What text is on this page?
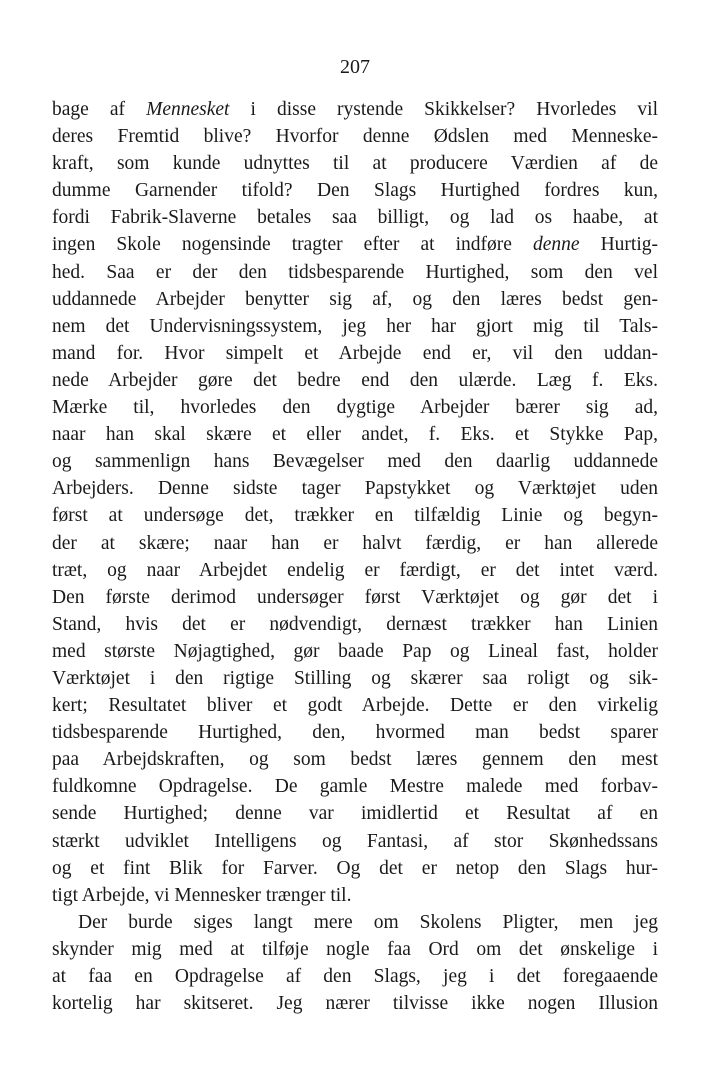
207

bage af Mennesket i disse rystende Skikkelser? Hvorledes vil
deres Fremtid blive? Hvorfor denne Ødslen med Menneske-
kraft, som kunde udnyttes til at producere Værdien af de
dumme Garnender tifold? Den Slags Hurtighed fordres kun,
fordi Fabrik-Slaverne betales saa billigt, og lad os haabe, at
ingen Skole nogensinde tragter efter at indføre denne Hurtig-
hed. Saa er der den tidsbesparende Hurtighed, som den vel
uddannede Arbejder benytter sig af, og den læres bedst gen-
nem det Undervisningssystem, jeg her har gjort mig til Tals-
mand for. Hvor simpelt et Arbejde end er, vil den uddan-
nede Arbejder gøre det bedre end den ulærde. Læg f. Eks.
Mærke til, hvorledes den dygtige Arbejder bærer sig ad,
naar han skal skære et eller andet, f. Eks. et Stykke Pap,
og sammenlign hans Bevægelser med den daarlig uddannede
Arbejders. Denne sidste tager Papstykket og Værktøjet uden
først at undersøge det, trækker en tilfældig Linie og begyn-
der at skære; naar han er halvt færdig, er han allerede
træt, og naar Arbejdet endelig er færdigt, er det intet værd.
Den første derimod undersøger først Værktøjet og gør det i
Stand, hvis det er nødvendigt, dernæst trækker han Linien
med største Nøjagtighed, gør baade Pap og Lineal fast, holder
Værktøjet i den rigtige Stilling og skærer saa roligt og sik-
kert; Resultatet bliver et godt Arbejde. Dette er den virkelig
tidsbesparende Hurtighed, den, hvormed man bedst sparer
paa Arbejdskraften, og som bedst læres gennem den mest
fuldkomne Opdragelse. De gamle Mestre malede med forbav-
sende Hurtighed; denne var imidlertid et Resultat af en
stærkt udviklet Intelligens og Fantasi, af stor Skønhedssans
og et fint Blik for Farver. Og det er netop den Slags hur-
tigt Arbejde, vi Mennesker trænger til.

Der burde siges langt mere om Skolens Pligter, men jeg
skynder mig med at tilføje nogle faa Ord om det ønskelige i
at faa en Opdragelse af den Slags, jeg i det foregaaende
kortelig har skitseret. Jeg nærer tilvisse ikke nogen Illusion
